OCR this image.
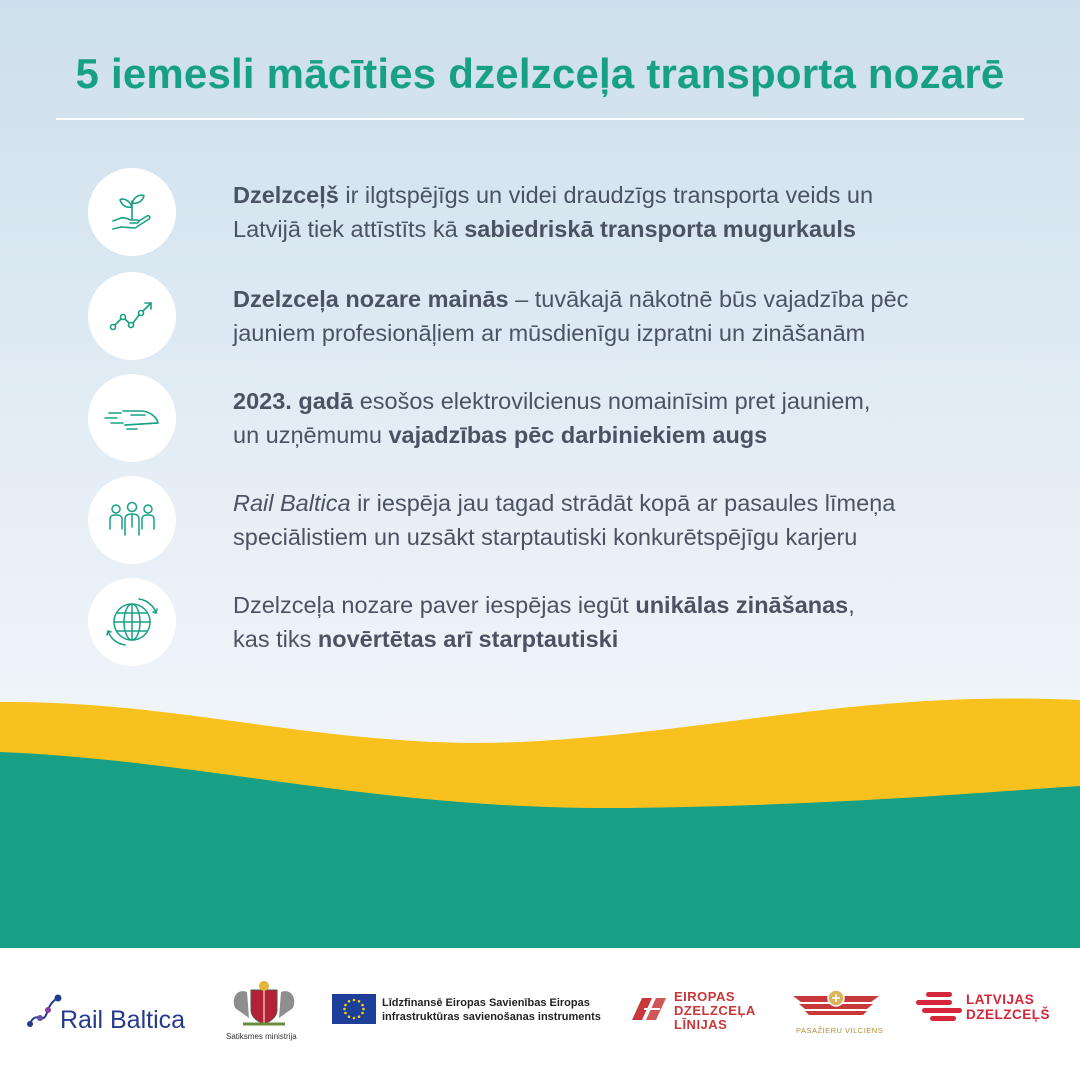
5 iemesli mācīties dzelzceļa transporta nozarē
Dzelzceļš ir ilgtspējīgs un videi draudzīgs transporta veids un
Latvijā tiek attīstīts kā sabiedriskā transporta mugurkauls
Dzelzceļa nozare mainās – tuvākajā nākotnē būs vajadzība pēc
jauniem profesionāļiem ar mūsdienīgu izpratni un zināšanām
2023. gadā esošos elektrovilcienus nomainīsim pret jauniem,
un uzņēmumu vajadzības pēc darbiniekiem augs
Rail Baltica ir iespēja jau tagad strādāt kopā ar pasaules līmeņa
speciālistiem un uzsākt starptautiski konkurētspējīgu karjeru
Dzelzceļa nozare paver iespējas iegūt unikālas zināšanas,
kas tiks novērtētas arī starptautiski
Rail Baltica
Satiksmes ministrija
Līdzfinansē Eiropas Savienības Eiropas
infrastruktūras savienošanas instruments
EIROPAS
DZELZCEĻA
LĪNIJAS	PASAŽIERU VILCIENS
LATVIJAS
DZELZCEĻŠ
